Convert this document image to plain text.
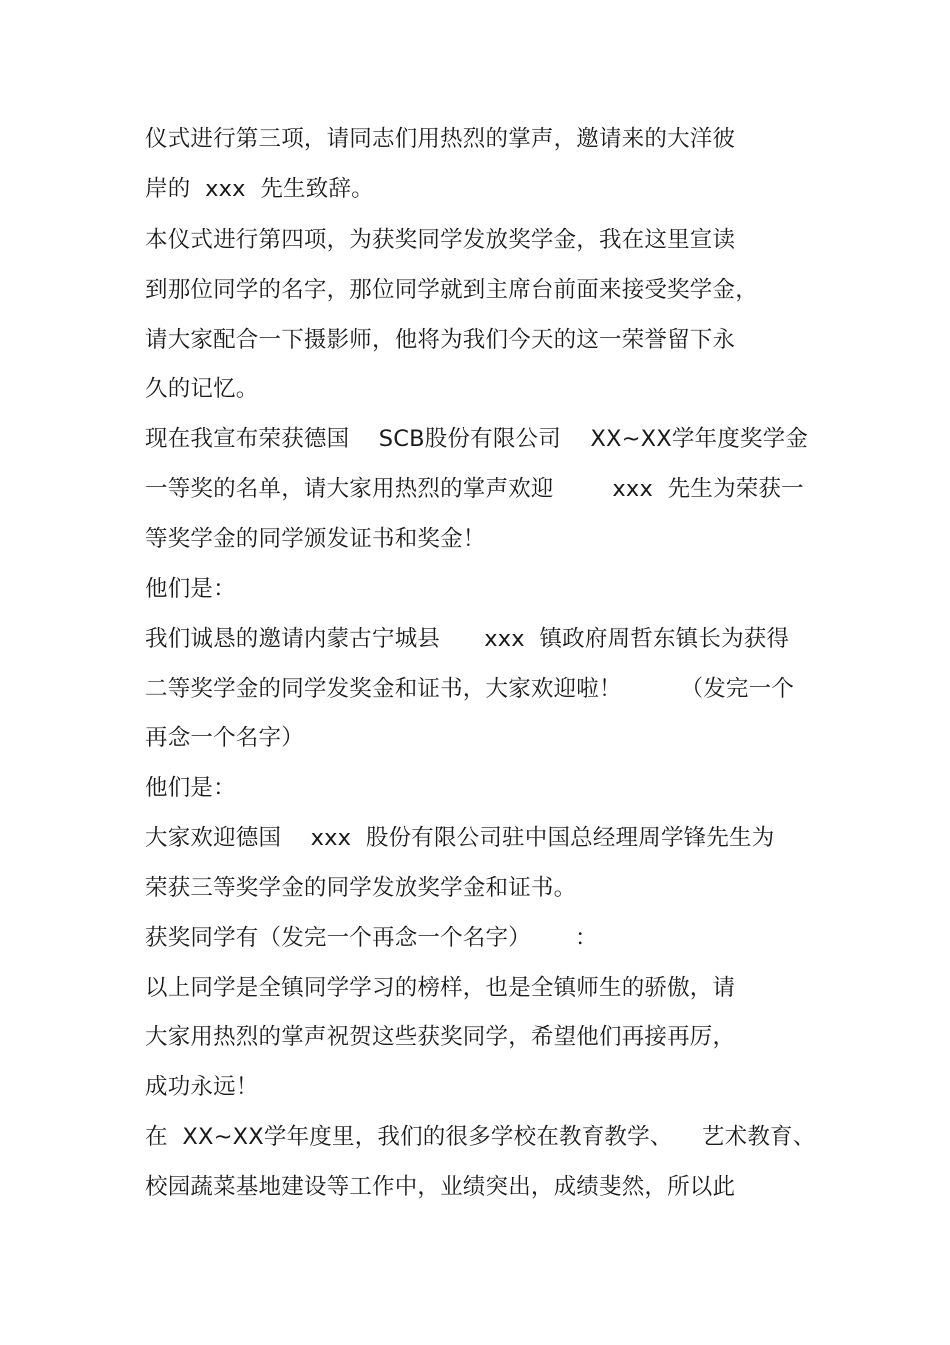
仪式进行第三项，请同志们用热烈的掌声，邀请来的大洋彼
岸的  xxx  先生致辞。
本仪式进行第四项，为获奖同学发放奖学金，我在这里宣读
到那位同学的名字，那位同学就到主席台前面来接受奖学金，
请大家配合一下摄影师，他将为我们今天的这一荣誉留下永
久的记忆。
现在我宣布荣获德国    SCB股份有限公司    XX~XX学年度奖学金
一等奖的名单，请大家用热烈的掌声欢迎        xxx  先生为荣获一
等奖学金的同学颁发证书和奖金！
他们是：
我们诚恳的邀请内蒙古宁城县      xxx  镇政府周哲东镇长为获得
二等奖学金的同学发奖金和证书，大家欢迎啦！        （发完一个
再念一个名字）
他们是：
大家欢迎德国    xxx  股份有限公司驻中国总经理周学锋先生为
荣获三等奖学金的同学发放奖学金和证书。
获奖同学有（发完一个再念一个名字）      ：
以上同学是全镇同学学习的榜样，也是全镇师生的骄傲，请
大家用热烈的掌声祝贺这些获奖同学，希望他们再接再厉，
成功永远！
在  XX~XX学年度里，我们的很多学校在教育教学、    艺术教育、
校园蔬菜基地建设等工作中，业绩突出，成绩斐然，所以此
